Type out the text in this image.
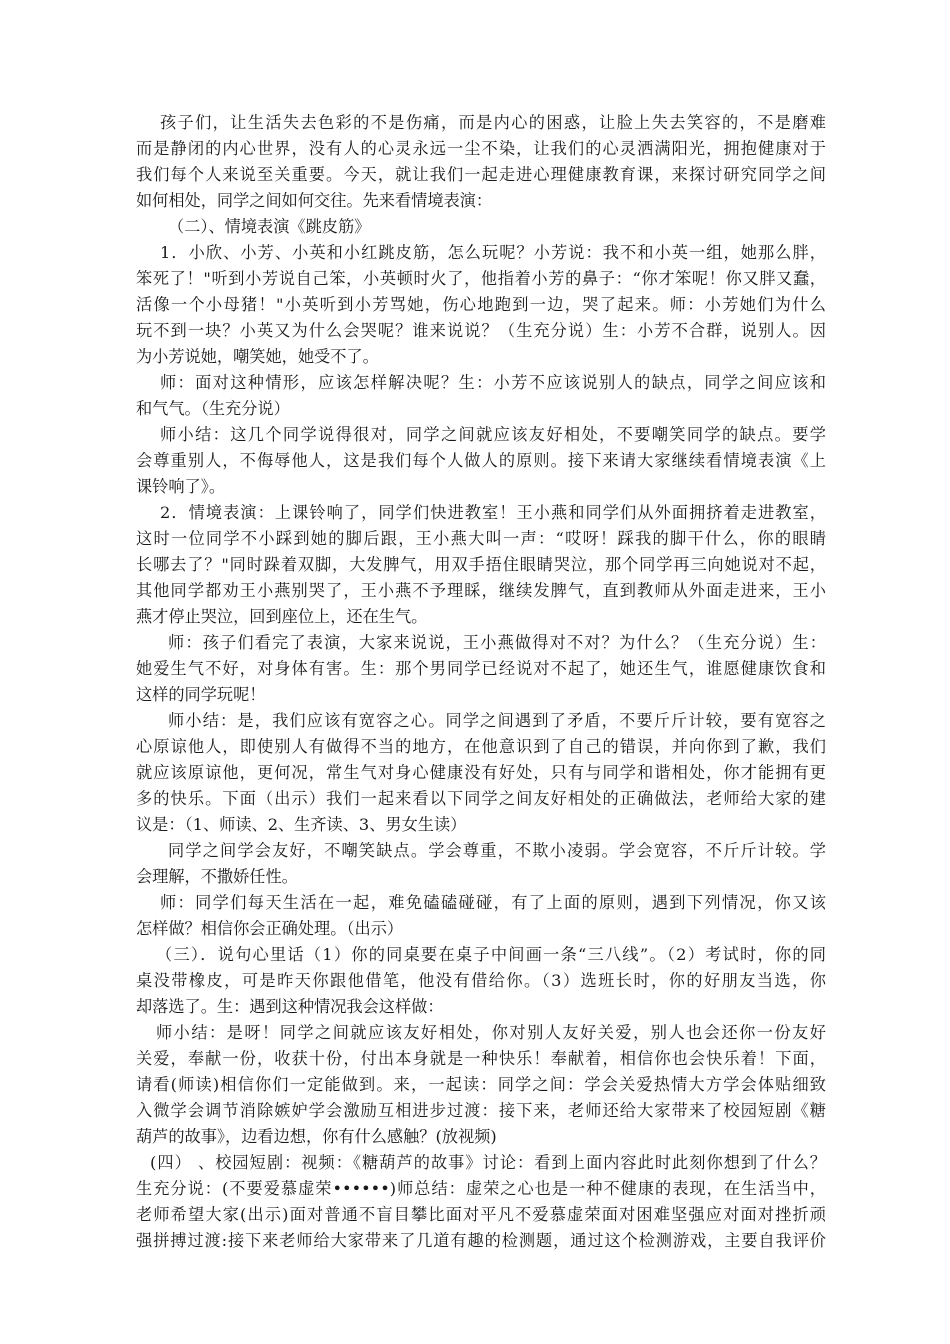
孩子们，让生活失去色彩的不是伤痛，而是内心的困惑，让脸上失去笑容的，不是磨难
而是静闭的内心世界，没有人的心灵永远一尘不染，让我们的心灵洒满阳光，拥抱健康对于
我们每个人来说至关重要。今天，就让我们一起走进心理健康教育课，来探讨研究同学之间
如何相处，同学之间如何交往。先来看情境表演：
（二）、情境表演《跳皮筋》
1．小欣、小芳、小英和小红跳皮筋，怎么玩呢？小芳说：我不和小英一组，她那么胖，
笨死了！"听到小芳说自己笨，小英顿时火了，他指着小芳的鼻子：“你才笨呢！你又胖又蠢，
活像一个小母猪！"小英听到小芳骂她，伤心地跑到一边，哭了起来。师：小芳她们为什么
玩不到一块？小英又为什么会哭呢？谁来说说？（生充分说）生：小芳不合群，说别人。因
为小芳说她，嘲笑她，她受不了。
师：面对这种情形，应该怎样解决呢？生：小芳不应该说别人的缺点，同学之间应该和
和气气。（生充分说）
师小结：这几个同学说得很对，同学之间就应该友好相处，不要嘲笑同学的缺点。要学
会尊重别人，不侮辱他人，这是我们每个人做人的原则。接下来请大家继续看情境表演《上
课铃响了》。
2．情境表演：上课铃响了，同学们快进教室！王小燕和同学们从外面拥挤着走进教室，
这时一位同学不小踩到她的脚后跟，王小燕大叫一声：“哎呀！踩我的脚干什么，你的眼睛
长哪去了？"同时跺着双脚，大发脾气，用双手捂住眼睛哭泣，那个同学再三向她说对不起，
其他同学都劝王小燕别哭了，王小燕不予理睬，继续发脾气，直到教师从外面走进来，王小
燕才停止哭泣，回到座位上，还在生气。
师：孩子们看完了表演，大家来说说，王小燕做得对不对？为什么？（生充分说）生：
她爱生气不好，对身体有害。生：那个男同学已经说对不起了，她还生气，谁愿健康饮食和
这样的同学玩呢！
师小结：是，我们应该有宽容之心。同学之间遇到了矛盾，不要斤斤计较，要有宽容之
心原谅他人，即使别人有做得不当的地方，在他意识到了自己的错误，并向你到了歉，我们
就应该原谅他，更何况，常生气对身心健康没有好处，只有与同学和谐相处，你才能拥有更
多的快乐。下面（出示）我们一起来看以下同学之间友好相处的正确做法，老师给大家的建
议是：（1、师读、2、生齐读、3、男女生读）
同学之间学会友好，不嘲笑缺点。学会尊重，不欺小凌弱。学会宽容，不斤斤计较。学
会理解，不撒娇任性。
师：同学们每天生活在一起，难免磕磕碰碰，有了上面的原则，遇到下列情况，你又该
怎样做？相信你会正确处理。（出示）
（三）．说句心里话（1）你的同桌要在桌子中间画一条“三八线”。（2）考试时，你的同
桌没带橡皮，可是昨天你跟他借笔，他没有借给你。（3）选班长时，你的好朋友当选，你
却落选了。生：遇到这种情况我会这样做：
师小结：是呀！同学之间就应该友好相处，你对别人友好关爱，别人也会还你一份友好
关爱，奉献一份，收获十份，付出本身就是一种快乐！奉献着，相信你也会快乐着！下面，
请看(师读)相信你们一定能做到。来，一起读：同学之间：学会关爱热情大方学会体贴细致
入微学会调节消除嫉妒学会激励互相进步过渡：接下来，老师还给大家带来了校园短剧《糖
葫芦的故事》，边看边想，你有什么感触？(放视频)
(四） 、校园短剧：视频：《糖葫芦的故事》讨论：看到上面内容此时此刻你想到了什么？
生充分说：(不要爱慕虚荣••••••)师总结：虚荣之心也是一种不健康的表现，在生活当中，
老师希望大家(出示)面对普通不盲目攀比面对平凡不爱慕虚荣面对困难坚强应对面对挫折顽
强拼搏过渡:接下来老师给大家带来了几道有趣的检测题，通过这个检测游戏，主要自我评价
